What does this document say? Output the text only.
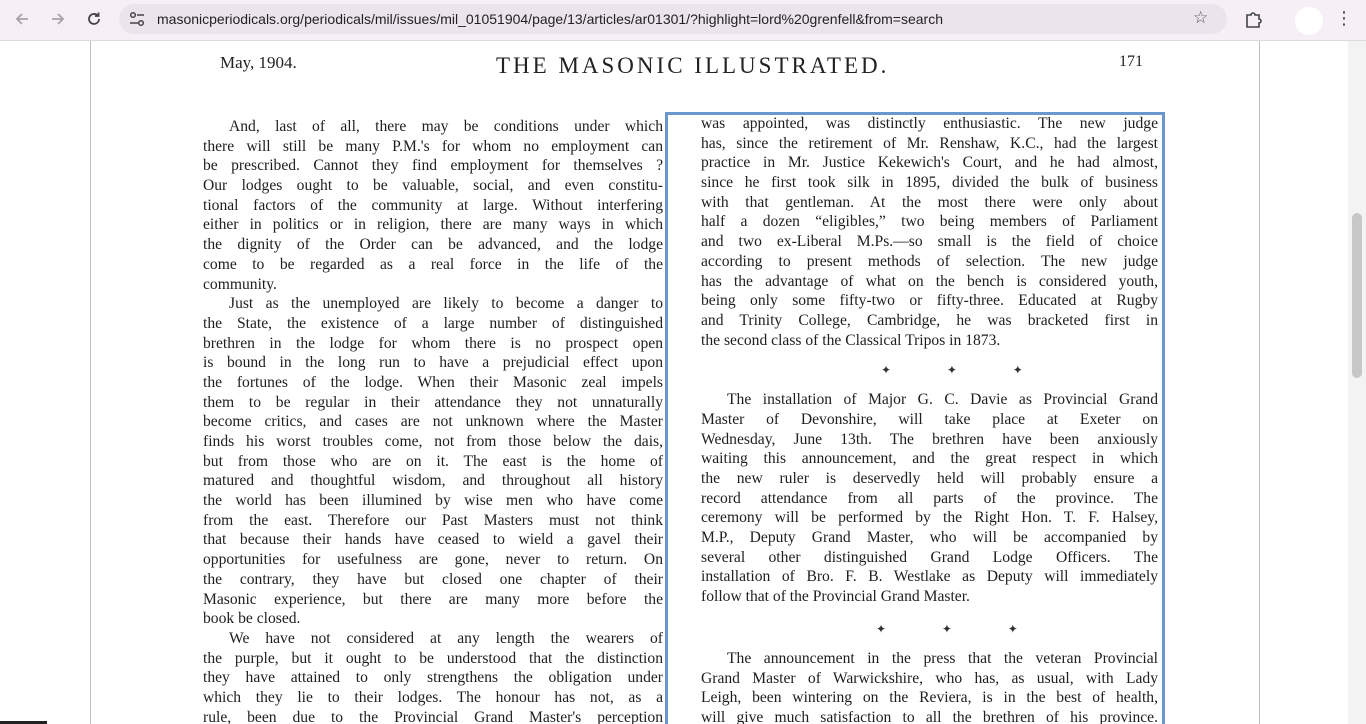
masonicperiodicals.org/periodicals/mil/issues/mil_01051904/page/13/articles/ar01301/?highlight=lord%20grenfell&from=search	☆	⋮
May, 1904.	THE MASONIC ILLUSTRATED.	171
And, last of all, there may be conditions under which
there will still be many P.M.'s for whom no employment can
be prescribed. Cannot they find employment for themselves ?
Our lodges ought to be valuable, social, and even constitu-
tional factors of the community at large. Without interfering
either in politics or in religion, there are many ways in which
the dignity of the Order can be advanced, and the lodge
come to be regarded as a real force in the life of the
community.
Just as the unemployed are likely to become a danger to
the State, the existence of a large number of distinguished
brethren in the lodge for whom there is no prospect open
is bound in the long run to have a prejudicial effect upon
the fortunes of the lodge. When their Masonic zeal impels
them to be regular in their attendance they not unnaturally
become critics, and cases are not unknown where the Master
finds his worst troubles come, not from those below the dais,
but from those who are on it. The east is the home of
matured and thoughtful wisdom, and throughout all history
the world has been illumined by wise men who have come
from the east. Therefore our Past Masters must not think
that because their hands have ceased to wield a gavel their
opportunities for usefulness are gone, never to return. On
the contrary, they have but closed one chapter of their
Masonic experience, but there are many more before the
book be closed.
We have not considered at any length the wearers of
the purple, but it ought to be understood that the distinction
they have attained to only strengthens the obligation under
which they lie to their lodges. The honour has not, as a
rule, been due to the Provincial Grand Master's perception
was appointed, was distinctly enthusiastic. The new judge
has, since the retirement of Mr. Renshaw, K.C., had the largest
practice in Mr. Justice Kekewich's Court, and he had almost,
since he first took silk in 1895, divided the bulk of business
with that gentleman. At the most there were only about
half a dozen “eligibles,” two being members of Parliament
and two ex-Liberal M.Ps.—so small is the field of choice
according to present methods of selection. The new judge
has the advantage of what on the bench is considered youth,
being only some fifty-two or fifty-three. Educated at Rugby
and Trinity College, Cambridge, he was bracketed first in
the second class of the Classical Tripos in 1873.
The installation of Major G. C. Davie as Provincial Grand
Master of Devonshire, will take place at Exeter on
Wednesday, June 13th. The brethren have been anxiously
waiting this announcement, and the great respect in which
the new ruler is deservedly held will probably ensure a
record attendance from all parts of the province. The
ceremony will be performed by the Right Hon. T. F. Halsey,
M.P., Deputy Grand Master, who will be accompanied by
several other distinguished Grand Lodge Officers. The
installation of Bro. F. B. Westlake as Deputy will immediately
follow that of the Provincial Grand Master.
The announcement in the press that the veteran Provincial
Grand Master of Warwickshire, who has, as usual, with Lady
Leigh, been wintering on the Reviera, is in the best of health,
will give much satisfaction to all the brethren of his province.
✦ ✦ ✦
✦ ✦ ✦
